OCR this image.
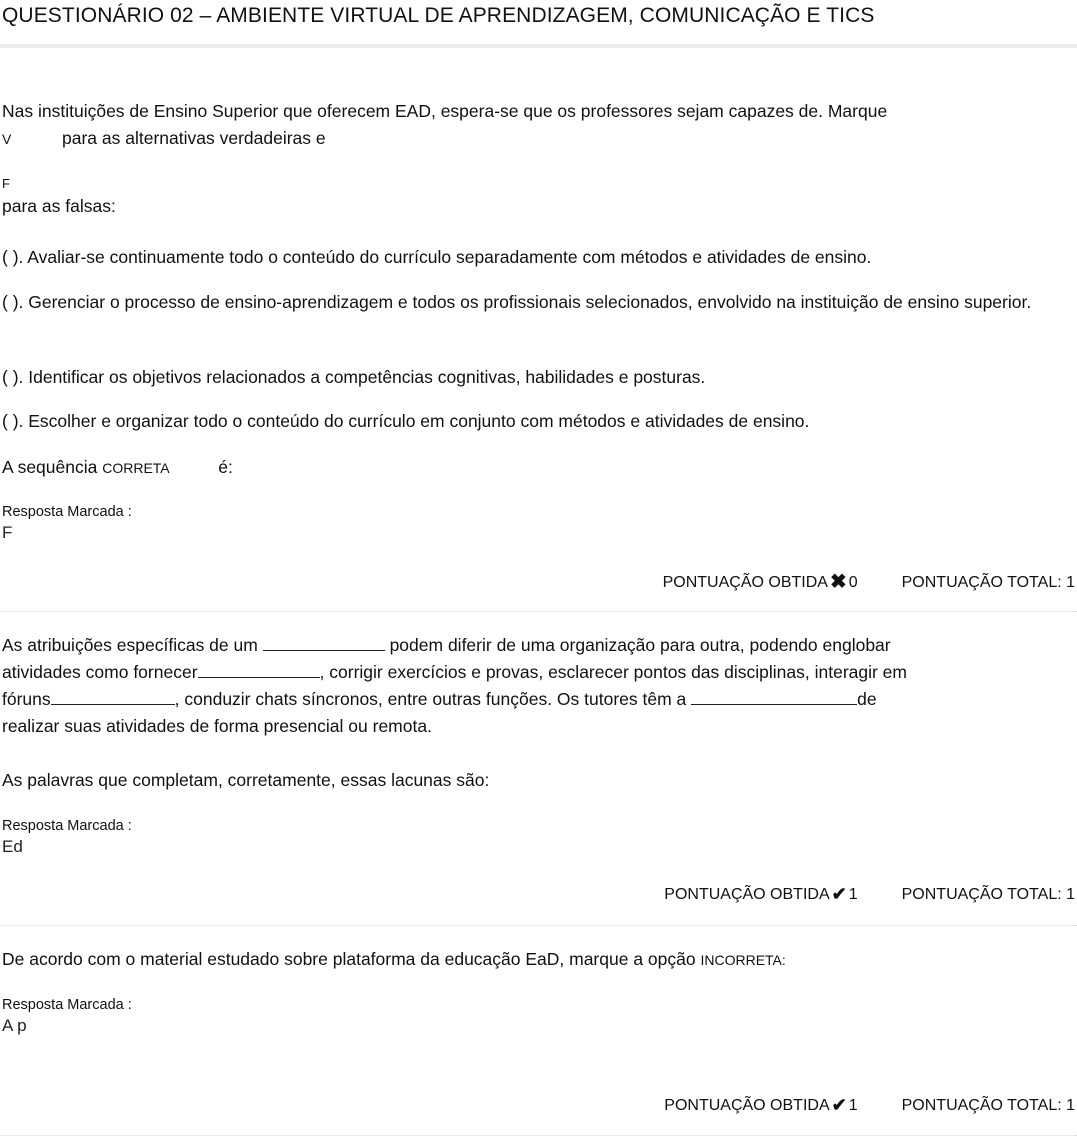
QUESTIONÁRIO 02 – AMBIENTE VIRTUAL DE APRENDIZAGEM, COMUNICAÇÃO E TICS

Nas instituições de Ensino Superior que oferecem EAD, espera-se que os professores sejam capazes de. Marque

V	para as alternativas verdadeiras e

F

para as falsas:

( ). Avaliar-se continuamente todo o conteúdo do currículo separadamente com métodos e atividades de ensino.
( ). Gerenciar o processo de ensino-aprendizagem e todos os profissionais selecionados, envolvido na instituição de ensino superior.
( ). Identificar os objetivos relacionados a competências cognitivas, habilidades e posturas.
( ). Escolher e organizar todo o conteúdo do currículo em conjunto com métodos e atividades de ensino.
A sequência CORRETA	é:

Resposta Marcada :

F

PONTUAÇÃO OBTIDA ✖ 0	PONTUAÇÃO TOTAL: 1

As atribuições específicas de um	podem diferir de uma organização para outra, podendo englobar

atividades como fornecer	, corrigir exercícios e provas, esclarecer pontos das disciplinas, interagir em

fóruns	, conduzir chats síncronos, entre outras funções. Os tutores têm a	de

realizar suas atividades de forma presencial ou remota.

As palavras que completam, corretamente, essas lacunas são:

Resposta Marcada :

Ed

PONTUAÇÃO OBTIDA ✔ 1	PONTUAÇÃO TOTAL: 1
De acordo com o material estudado sobre plataforma da educação EaD, marque a opção INCORRETA:

Resposta Marcada :

A p

PONTUAÇÃO OBTIDA ✔ 1	PONTUAÇÃO TOTAL: 1
